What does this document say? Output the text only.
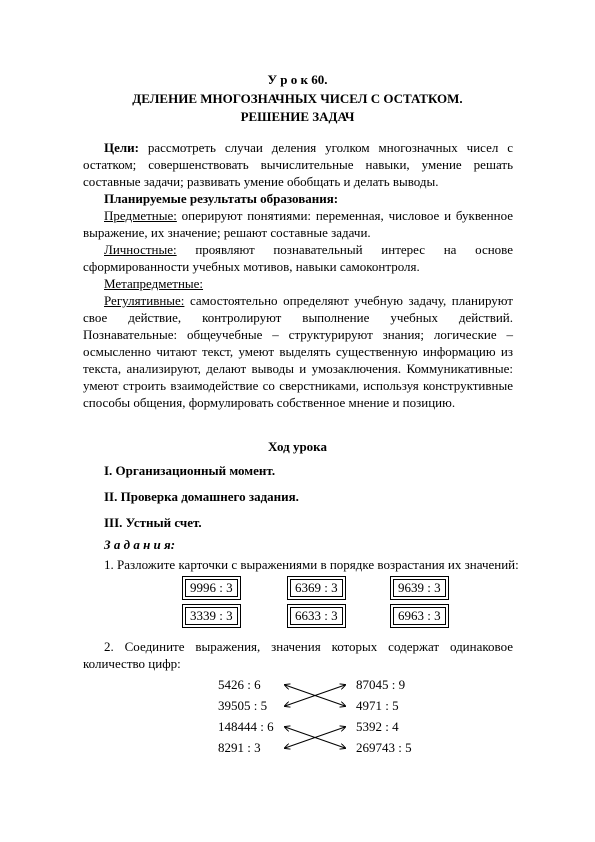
У р о к 60.
ДЕЛЕНИЕ МНОГОЗНАЧНЫХ ЧИСЕЛ С ОСТАТКОМ.
РЕШЕНИЕ ЗАДАЧ

Цели: рассмотреть случаи деления уголком многозначных чисел с остатком; совершенствовать вычислительные навыки, умение решать составные задачи; развивать умение обобщать и делать выводы.

Планируемые результаты образования:

Предметные: оперируют понятиями: переменная, числовое и буквенное выражение, их значение; решают составные задачи.

Личностные: проявляют познавательный интерес на основе сформированности учебных мотивов, навыки самоконтроля.

Метапредметные:

Регулятивные: самостоятельно определяют учебную задачу, планируют свое действие, контролируют выполнение учебных действий. Познавательные: общеучебные – структурируют знания; логические – осмысленно читают текст, умеют выделять существенную информацию из текста, анализируют, делают выводы и умозаключения. Коммуникативные: умеют строить взаимодействие со сверстниками, используя конструктивные способы общения, формулировать собственное мнение и позицию.

Ход урока
I. Организационный момент.
II. Проверка домашнего задания.
III. Устный счет.
З а д а н и я:
1. Разложите карточки с выражениями в порядке возрастания их значений:
9996 : 3	6369 : 3	9639 : 3
3339 : 3	6633 : 3	6963 : 3

2. Соедините выражения, значения которых содержат одинаковое количество цифр:

5426 : 6
39505 : 5
148444 : 6
8291 : 3
87045 : 9
4971 : 5
5392 : 4
269743 : 5
